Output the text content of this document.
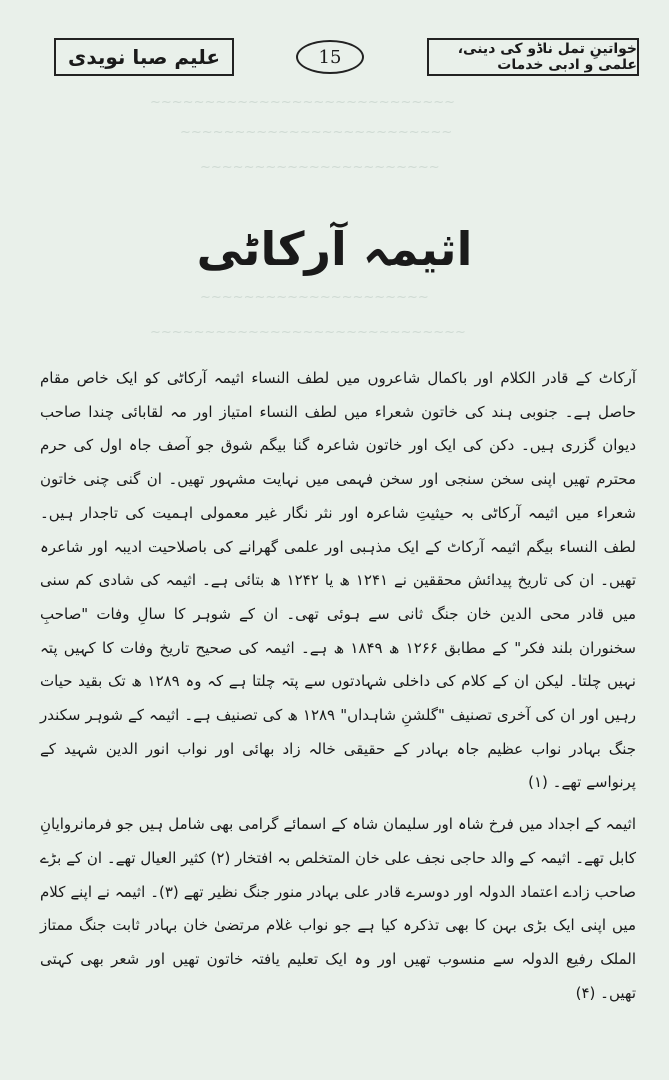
علیم صبا نویدی	15	خواتینِ تمل ناڈو کی دینی، علمی و ادبی خدمات
~~~~~~~~~~~~~~~~~~~~~~~~~~~~
~~~~~~~~~~~~~~~~~~~~~~~~~
~~~~~~~~~~~~~~~~~~~~~~
~~~~~~~~~~~~~~~~~~~~~
~~~~~~~~~~~~~~~~~~~~~~~~~~~~~
اثیمہ آرکاٹی

آرکاٹ کے قادر الکلام اور باکمال شاعروں میں لطف النساء اثیمہ آرکاٹی کو ایک خاص مقام حاصل ہے۔ جنوبی ہند کی خاتون شعراء میں لطف النساء امتیاز اور مہ لقابائی چندا صاحب دیوان گزری ہیں۔ دکن کی ایک اور خاتون شاعرہ گنا بیگم شوق جو آصف جاہ اول کی حرم محترم تھیں اپنی سخن سنجی اور سخن فہمی میں نہایت مشہور تھیں۔ ان گنی چنی خاتون شعراء میں اثیمہ آرکاٹی بہ حیثیتِ شاعرہ اور نثر نگار غیر معمولی اہمیت کی تاجدار ہیں۔ لطف النساء بیگم اثیمہ آرکاٹ کے ایک مذہبی اور علمی گھرانے کی باصلاحیت ادیبہ اور شاعرہ تھیں۔ ان کی تاریخ پیدائش محققین نے ۱۲۴۱ ھ یا ۱۲۴۲ ھ بتائی ہے۔ اثیمہ کی شادی کم سنی میں قادر محی الدین خان جنگ ثانی سے ہوئی تھی۔ ان کے شوہر کا سالِ وفات "صاحبِ سخنوران بلند فکر" کے مطابق ۱۲۶۶ ھ ۱۸۴۹ ھ ہے۔ اثیمہ کی صحیح تاریخ وفات کا کہیں پتہ نہیں چلتا۔ لیکن ان کے کلام کی داخلی شہادتوں سے پتہ چلتا ہے کہ وہ ۱۲۸۹ ھ تک بقید حیات رہیں اور ان کی آخری تصنیف "گلشنِ شاہداں" ۱۲۸۹ ھ کی تصنیف ہے۔ اثیمہ کے شوہر سکندر جنگ بہادر نواب عظیم جاہ بہادر کے حقیقی خالہ زاد بھائی اور نواب انور الدین شہید کے پرنواسے تھے۔ (۱)

اثیمہ کے اجداد میں فرخ شاہ اور سلیمان شاہ کے اسمائے گرامی بھی شامل ہیں جو فرمانروایانِ کابل تھے۔ اثیمہ کے والد حاجی نجف علی خان المتخلص بہ افتخار (۲) کثیر العیال تھے۔ ان کے بڑے صاحب زادے اعتماد الدولہ اور دوسرے قادر علی بہادر منور جنگ نظیر تھے (۳)۔ اثیمہ نے اپنے کلام میں اپنی ایک بڑی بہن کا بھی تذکرہ کیا ہے جو نواب غلام مرتضیٰ خان بہادر ثابت جنگ ممتاز الملک رفیع الدولہ سے منسوب تھیں اور وہ ایک تعلیم یافتہ خاتون تھیں اور شعر بھی کہتی تھیں۔ (۴)
